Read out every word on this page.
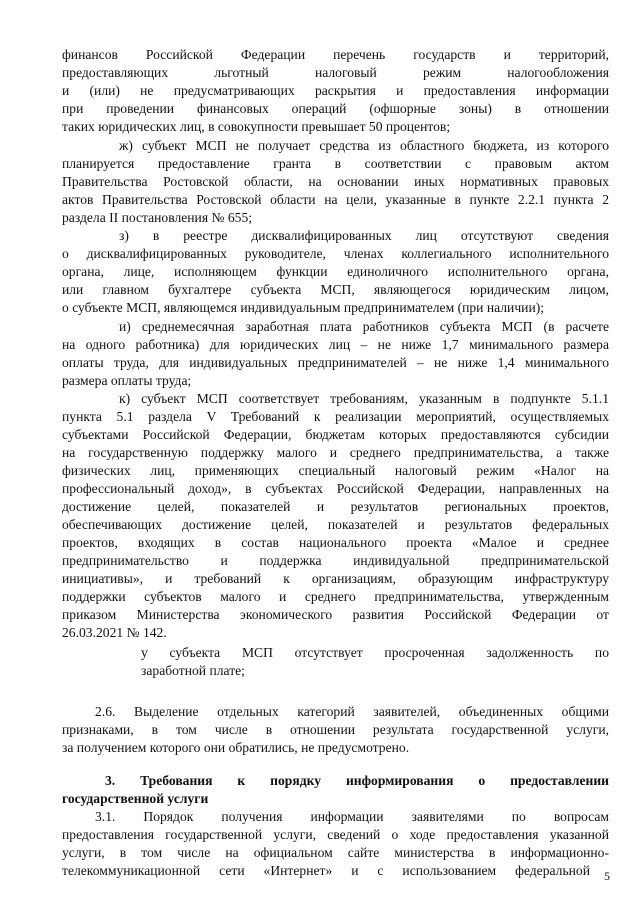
финансов Российской Федерации перечень государств и территорий,
предоставляющих льготный налоговый режим налогообложения
и (или) не предусматривающих раскрытия и предоставления информации
при проведении финансовых операций (офшорные зоны) в отношении
таких юридических лиц, в совокупности превышает 50 процентов;
ж) субъект МСП не получает средства из областного бюджета, из которого
планируется предоставление гранта в соответствии с правовым актом
Правительства Ростовской области, на основании иных нормативных правовых
актов Правительства Ростовской области на цели, указанные в пункте 2.2.1 пункта 2
раздела II постановления № 655;
з) в реестре дисквалифицированных лиц отсутствуют сведения
о дисквалифицированных руководителе, членах коллегиального исполнительного
органа, лице, исполняющем функции единоличного исполнительного органа,
или главном бухгалтере субъекта МСП, являющегося юридическим лицом,
о субъекте МСП, являющемся индивидуальным предпринимателем (при наличии);
и) среднемесячная заработная плата работников субъекта МСП (в расчете
на одного работника) для юридических лиц – не ниже 1,7 минимального размера
оплаты труда, для индивидуальных предпринимателей – не ниже 1,4 минимального
размера оплаты труда;
к) субъект МСП соответствует требованиям, указанным в подпункте 5.1.1
пункта 5.1 раздела V Требований к реализации мероприятий, осуществляемых
субъектами Российской Федерации, бюджетам которых предоставляются субсидии
на государственную поддержку малого и среднего предпринимательства, а также
физических лиц, применяющих специальный налоговый режим «Налог на
профессиональный доход», в субъектах Российской Федерации, направленных на
достижение целей, показателей и результатов региональных проектов,
обеспечивающих достижение целей, показателей и результатов федеральных
проектов, входящих в состав национального проекта «Малое и среднее
предпринимательство и поддержка индивидуальной предпринимательской
инициативы», и требований к организациям, образующим инфраструктуру
поддержки субъектов малого и среднего предпринимательства, утвержденным
приказом Министерства экономического развития Российской Федерации от
26.03.2021 № 142.
у субъекта МСП отсутствует просроченная задолженность по
заработной плате;
2.6. Выделение отдельных категорий заявителей, объединенных общими
признаками, в том числе в отношении результата государственной услуги,
за получением которого они обратились, не предусмотрено.
3. Требования к порядку информирования о предоставлении
государственной услуги
3.1. Порядок получения информации заявителями по вопросам
предоставления государственной услуги, сведений о ходе предоставления указанной
услуги, в том числе на официальном сайте министерства в информационно-
телекоммуникационной сети «Интернет» и с использованием федеральной	5
